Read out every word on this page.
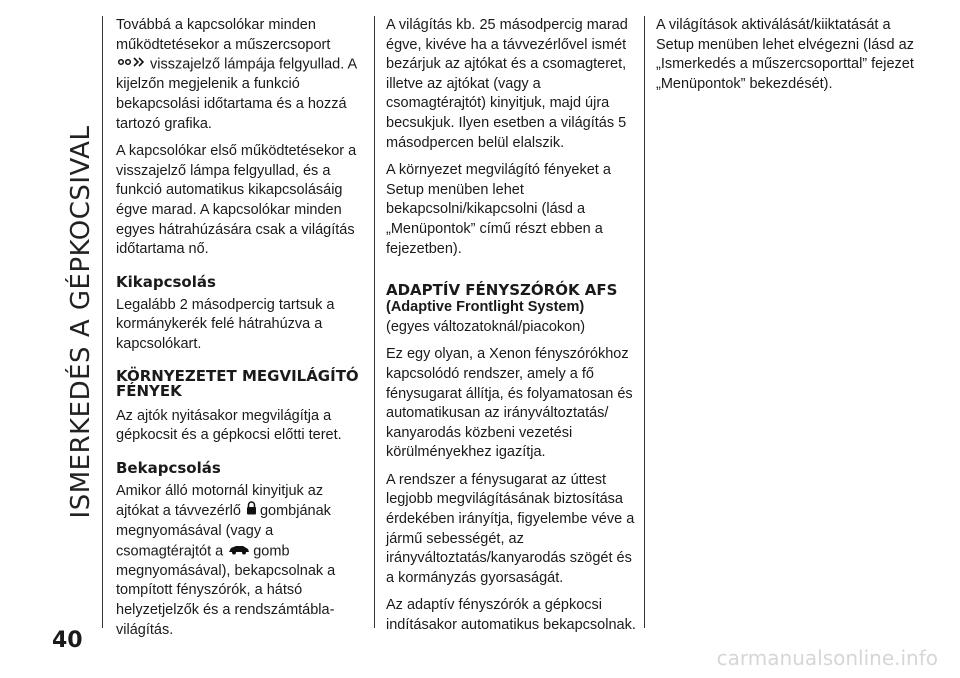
ISMERKEDÉS A GÉPKOCSIVAL

Továbbá a kapcsolókar minden működtetésekor a műszercsoport
visszajelző lámpája felgyullad. A kijelzőn megjelenik a funkció bekapcsolási időtartama és a hozzá tartozó grafika.

A kapcsolókar első működtetésekor a visszajelző lámpa felgyullad, és a funkció automatikus kikapcsolásáig égve marad. A kapcsolókar minden egyes hátrahúzására csak a világítás időtartama nő.

Kikapcsolás

Legalább 2 másodpercig tartsuk a kormánykerék felé hátrahúzva a kapcsolókart.

KÖRNYEZETET MEGVILÁGÍTÓ FÉNYEK

Az ajtók nyitásakor megvilágítja a gépkocsit és a gépkocsi előtti teret.

Bekapcsolás

Amikor álló motornál kinyitjuk az ajtókat a távvezérlő gombjának megnyomásával (vagy a csomagtérajtót a gomb megnyomásával), bekapcsolnak a tompított fényszórók, a hátsó helyzetjelzők és a rendszámtábla-világítás.

A világítás kb. 25 másodpercig marad égve, kivéve ha a távvezérlővel ismét bezárjuk az ajtókat és a csomagteret, illetve az ajtókat (vagy a csomagtérajtót) kinyitjuk, majd újra becsukjuk. Ilyen esetben a világítás 5 másodpercen belül elalszik.

A környezet megvilágító fényeket a Setup menüben lehet bekapcsolni/kikapcsolni (lásd a „Menüpontok” című részt ebben a fejezetben).

ADAPTÍV FÉNYSZÓRÓK AFS

(Adaptive Frontlight System)

(egyes változatoknál/piacokon)

Ez egy olyan, a Xenon fényszórókhoz kapcsolódó rendszer, amely a fő fénysugarat állítja, és folyamatosan és automatikusan az irányváltoztatás/ kanyarodás közbeni vezetési körülményekhez igazítja.

A rendszer a fénysugarat az úttest legjobb megvilágításának biztosítása érdekében irányítja, figyelembe véve a jármű sebességét, az irányváltoztatás/kanyarodás szögét és a kormányzás gyorsaságát.

Az adaptív fényszórók a gépkocsi indításakor automatikus bekapcsolnak.

A világítások aktiválását/kiiktatását a Setup menüben lehet elvégezni (lásd az „Ismerkedés a műszercsoporttal” fejezet „Menüpontok” bekezdését).

40
carmanualsonline.info
